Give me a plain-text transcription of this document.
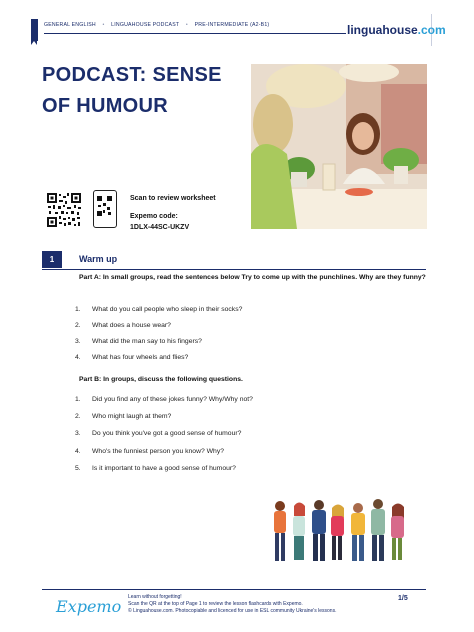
GENERAL ENGLISH • LINGUAHOUSE PODCAST • PRE-INTERMEDIATE (A2-B1)	linguahouse.com
PODCAST: SENSE
OF HUMOUR
Scan to review worksheet
Expemo code:
1DLX-44SC-UKZV
1	Warm up
Part A: In small groups, read the sentences below Try to come up with the punchlines. Why are they funny?
1. What do you call people who sleep in their socks?
2. What does a house wear?
3. What did the man say to his fingers?
4. What has four wheels and flies?
Part B: In groups, discuss the following questions.
1. Did you find any of these jokes funny? Why/Why not?
2. Who might laugh at them?
3. Do you think you've got a good sense of humour?
4. Who's the funniest person you know? Why?
5. Is it important to have a good sense of humour?
Expemo Learn without forgetting!
Scan the QR at the top of Page 1 to review the lesson flashcards with Expemo.
© Linguahouse.com. Photocopiable and licenced for use in ESL community Ukraine's lessons.
1/5
